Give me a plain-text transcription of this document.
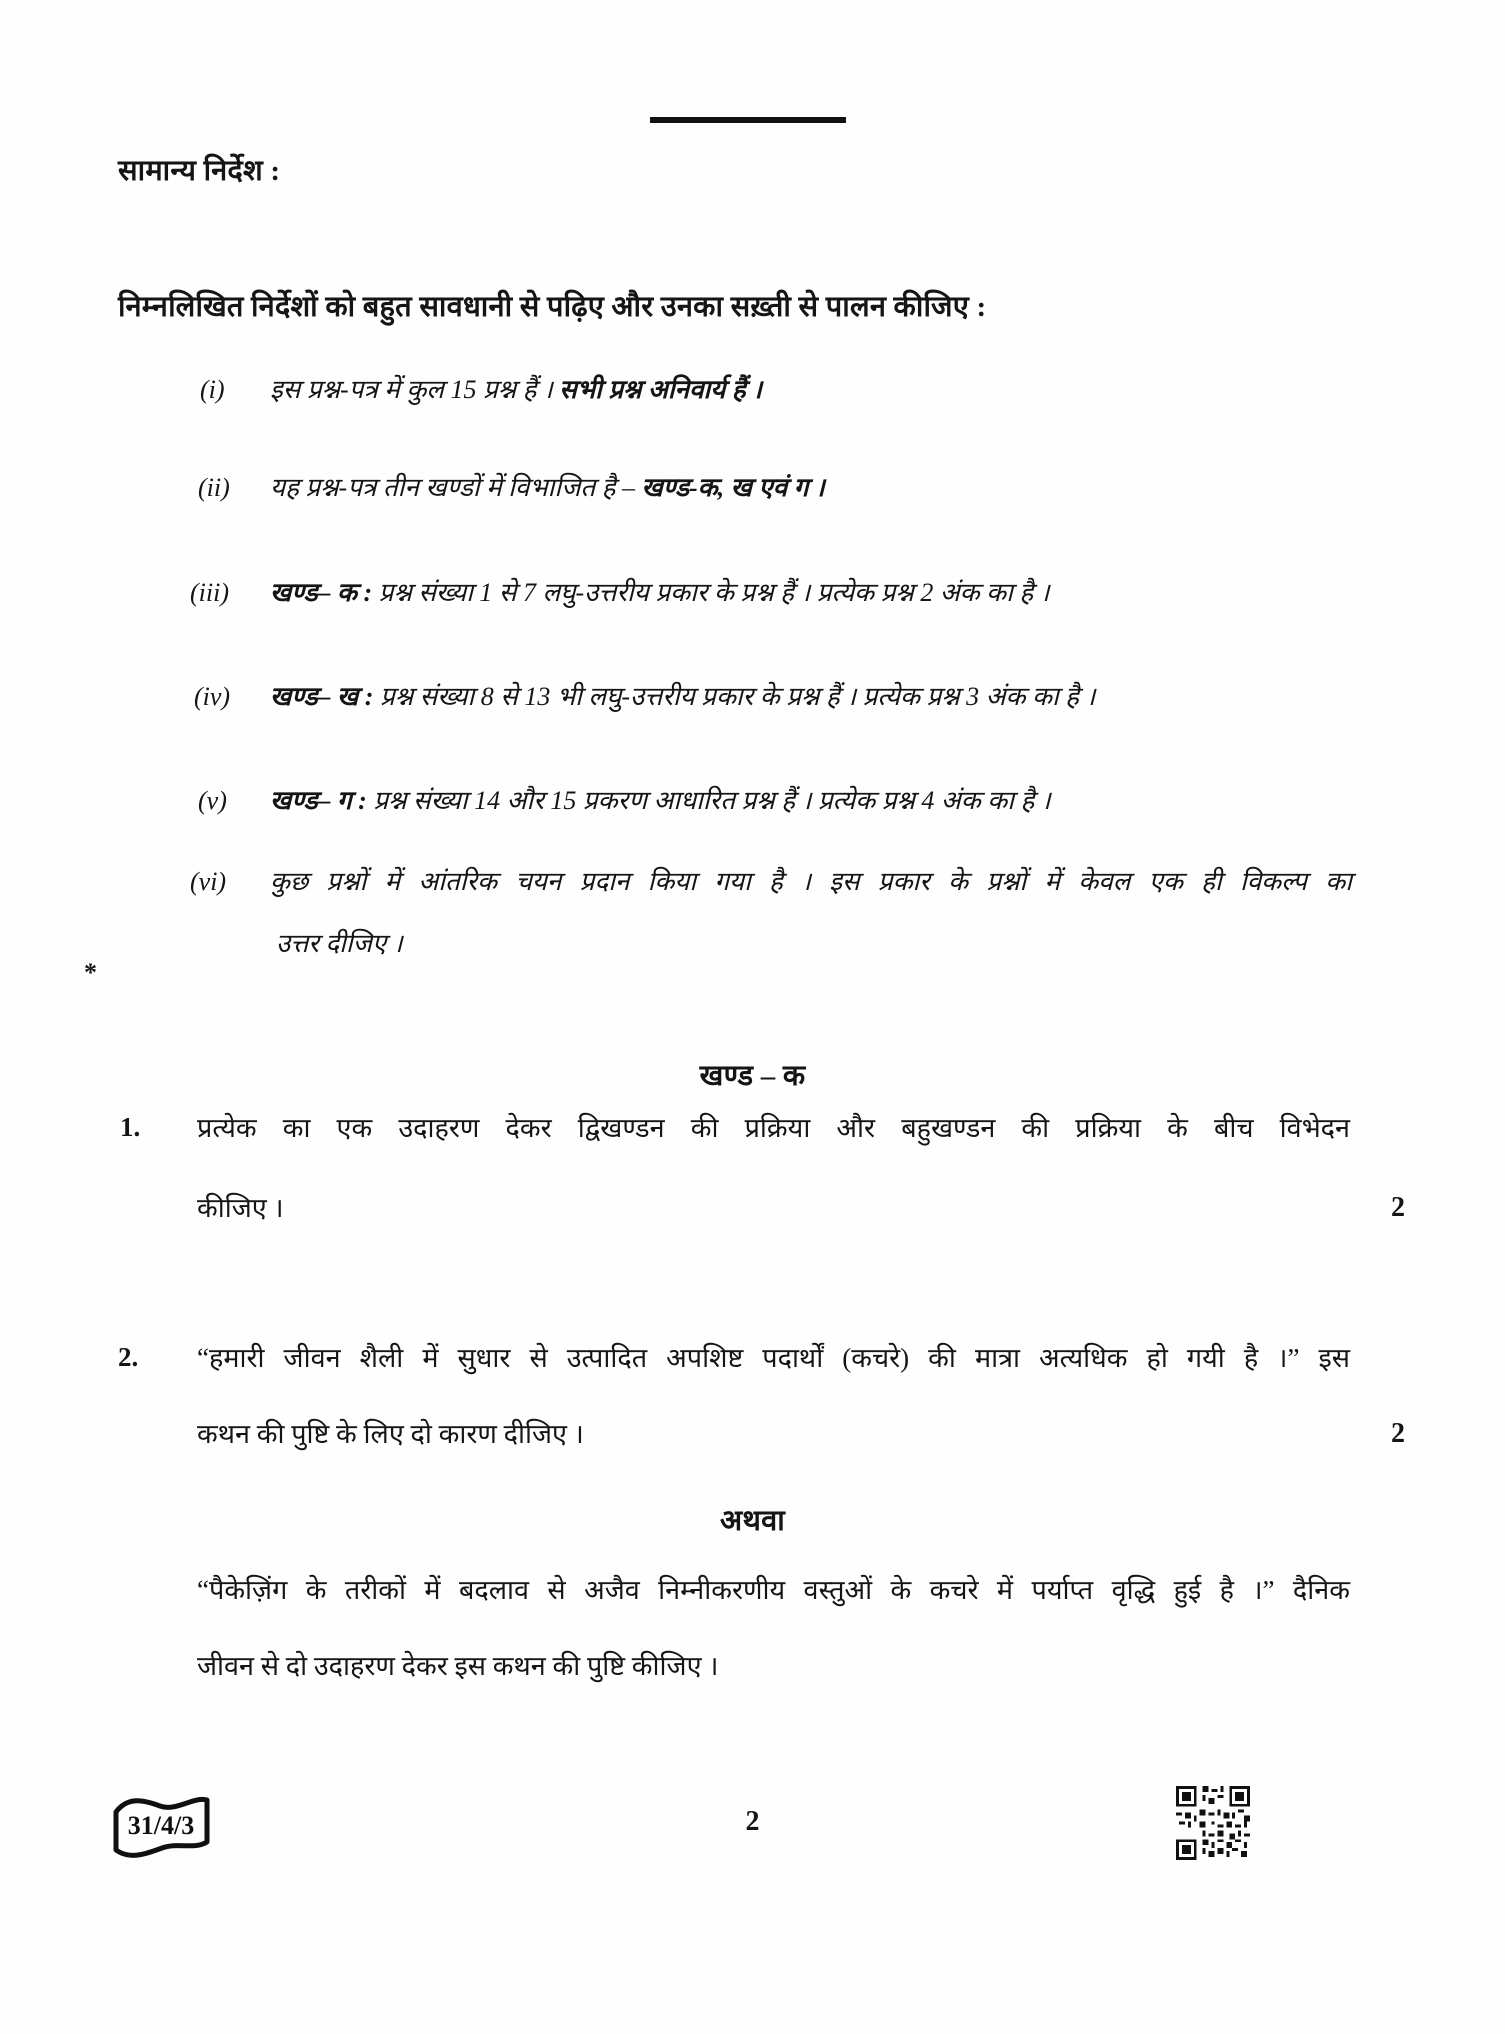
सामान्य निर्देश :
निम्नलिखित निर्देशों को बहुत सावधानी से पढ़िए और उनका सख़्ती से पालन कीजिए :
(i) इस प्रश्न-पत्र में कुल 15 प्रश्न हैं । सभी प्रश्न अनिवार्य हैं ।
(ii) यह प्रश्न-पत्र तीन खण्डों में विभाजित है – खण्ड-क, ख एवं ग ।
(iii) खण्ड– क : प्रश्न संख्या 1 से 7 लघु-उत्तरीय प्रकार के प्रश्न हैं । प्रत्येक प्रश्न 2 अंक का है ।
(iv) खण्ड– ख : प्रश्न संख्या 8 से 13 भी लघु-उत्तरीय प्रकार के प्रश्न हैं । प्रत्येक प्रश्न 3 अंक का है ।
(v) खण्ड– ग : प्रश्न संख्या 14 और 15 प्रकरण आधारित प्रश्न हैं । प्रत्येक प्रश्न 4 अंक का है ।
(vi) कुछ प्रश्नों में आंतरिक चयन प्रदान किया गया है । इस प्रकार के प्रश्नों में केवल एक ही विकल्प का
उत्तर दीजिए ।
*
खण्ड – क
1. प्रत्येक का एक उदाहरण देकर द्विखण्डन की प्रक्रिया और बहुखण्डन की प्रक्रिया के बीच विभेदन
कीजिए ।	2
2. “हमारी जीवन शैली में सुधार से उत्पादित अपशिष्ट पदार्थों (कचरे) की मात्रा अत्यधिक हो गयी है ।” इस
कथन की पुष्टि के लिए दो कारण दीजिए ।	2
अथवा
“पैकेज़िंग के तरीकों में बदलाव से अजैव निम्नीकरणीय वस्तुओं के कचरे में पर्याप्त वृद्धि हुई है ।” दैनिक
जीवन से दो उदाहरण देकर इस कथन की पुष्टि कीजिए ।
31/4/3	2
